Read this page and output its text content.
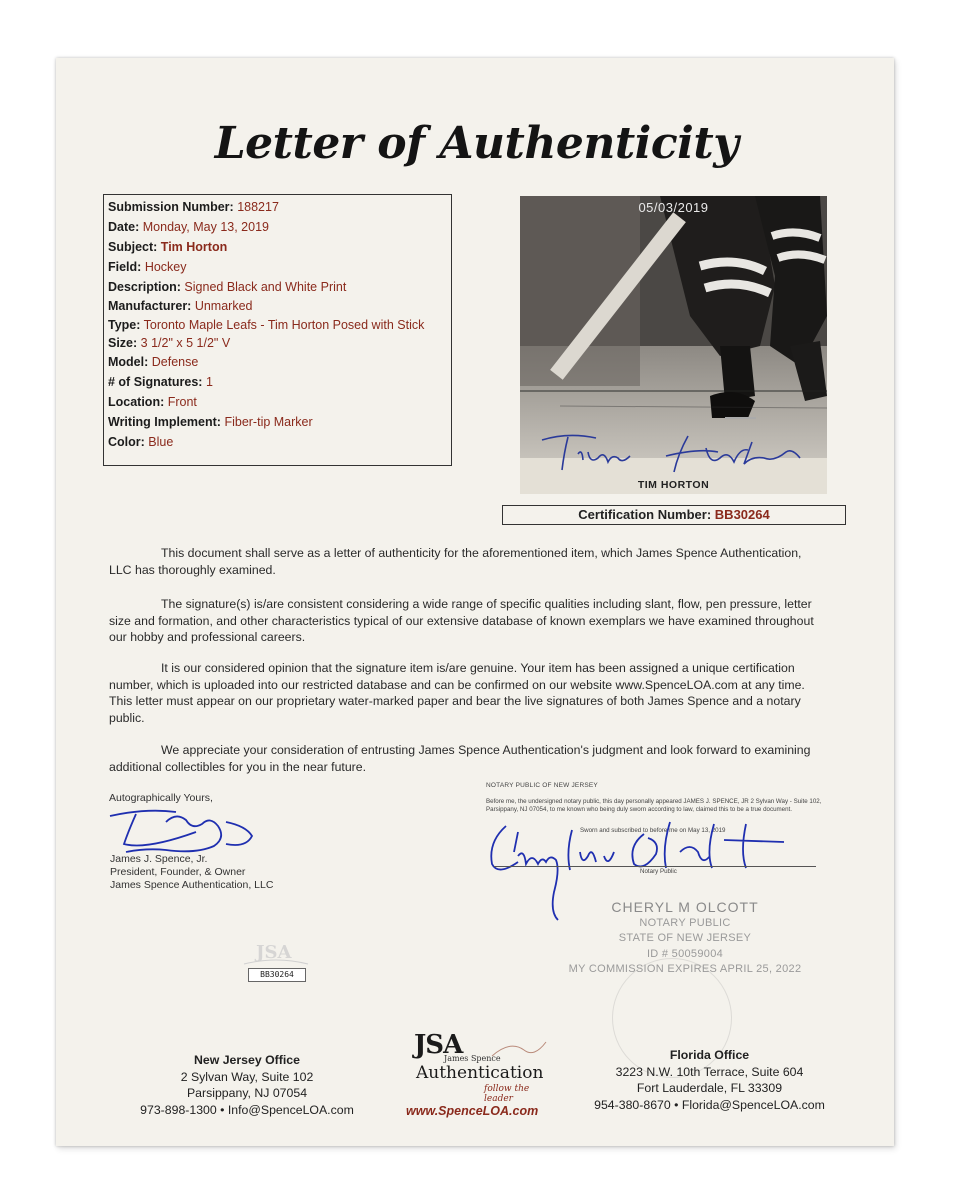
Letter of Authenticity
Submission Number: 188217
Date: Monday, May 13, 2019
Subject: Tim Horton
Field: Hockey
Description: Signed Black and White Print
Manufacturer: Unmarked
Type: Toronto Maple Leafs - Tim Horton Posed with Stick
Size: 3 1/2" x 5 1/2" V
Model: Defense
# of Signatures: 1
Location: Front
Writing Implement: Fiber-tip Marker
Color: Blue
05/03/2019
TIM HORTON
Certification Number: BB30264
This document shall serve as a letter of authenticity for the aforementioned item, which James Spence Authentication, LLC has thoroughly examined.
The signature(s) is/are consistent considering a wide range of specific qualities including slant, flow, pen pressure, letter size and formation, and other characteristics typical of our extensive database of known exemplars we have examined throughout our hobby and professional careers.
It is our considered opinion that the signature item is/are genuine. Your item has been assigned a unique certification number, which is uploaded into our restricted database and can be confirmed on our website www.SpenceLOA.com at any time. This letter must appear on our proprietary water-marked paper and bear the live signatures of both James Spence and a notary public.
We appreciate your consideration of entrusting James Spence Authentication's judgment and look forward to examining additional collectibles for you in the near future.
Autographically Yours,
James J. Spence, Jr.
President, Founder, & Owner
James Spence Authentication, LLC
JSA
BB30264
NOTARY PUBLIC OF NEW JERSEY
Before me, the undersigned notary public, this day personally appeared JAMES J. SPENCE, JR 2 Sylvan Way - Suite 102, Parsippany, NJ 07054, to me known who being duly sworn according to law, claimed this to be a true document.
Sworn and subscribed to before me on May 13, 2019
Notary Public
CHERYL M OLCOTT
NOTARY PUBLIC
STATE OF NEW JERSEY
ID # 50059004
MY COMMISSION EXPIRES APRIL 25, 2022
New Jersey Office
2 Sylvan Way, Suite 102
Parsippany, NJ 07054
973-898-1300 • Info@SpenceLOA.com
JSA
James Spence
Authentication
follow the leader
www.SpenceLOA.com
Florida Office
3223 N.W. 10th Terrace, Suite 604
Fort Lauderdale, FL 33309
954-380-8670 • Florida@SpenceLOA.com
